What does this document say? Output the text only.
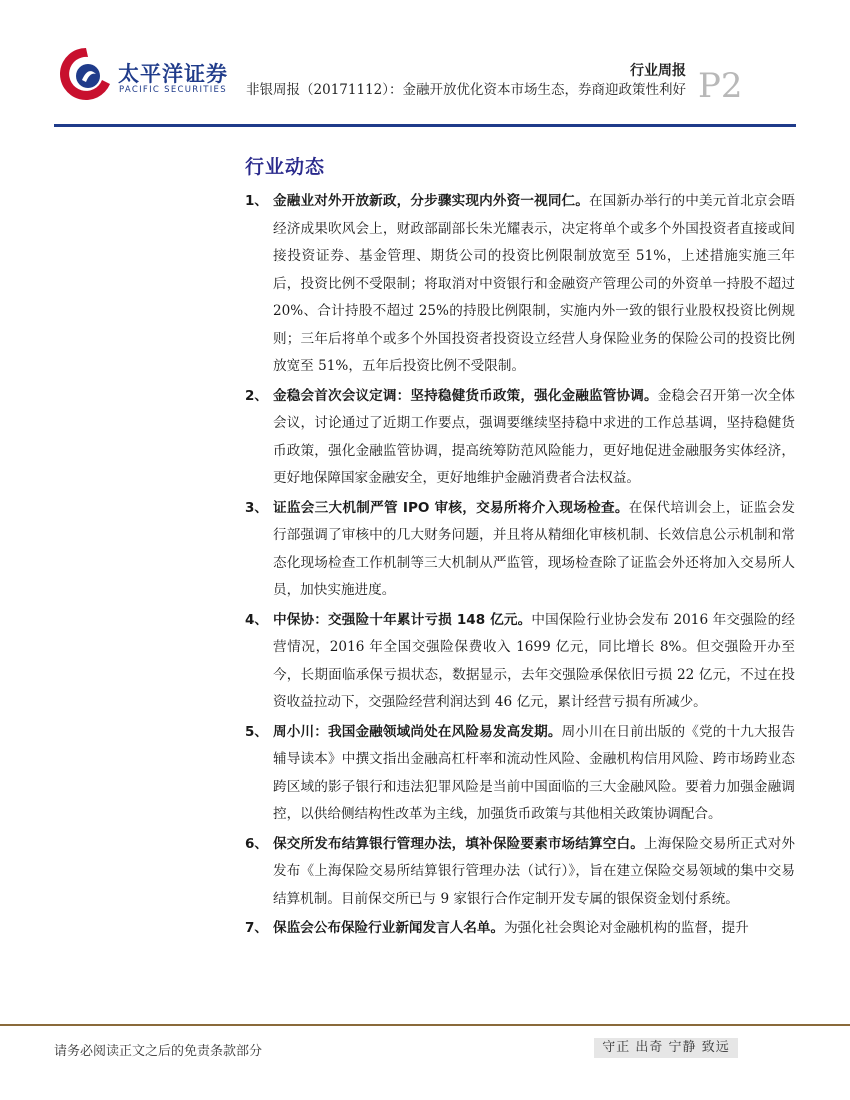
太平洋证券
PACIFIC SECURITIES
行业周报
非银周报（20171112）：金融开放优化资本市场生态，券商迎政策性利好 P2
行业动态
1、 金融业对外开放新政，分步骤实现内外资一视同仁。在国新办举行的中美元首北京会晤经济成果吹风会上，财政部副部长朱光耀表示，决定将单个或多个外国投资者直接或间接投资证券、基金管理、期货公司的投资比例限制放宽至 51%，上述措施实施三年后，投资比例不受限制；将取消对中资银行和金融资产管理公司的外资单一持股不超过 20%、合计持股不超过 25%的持股比例限制，实施内外一致的银行业股权投资比例规则；三年后将单个或多个外国投资者投资设立经营人身保险业务的保险公司的投资比例放宽至 51%，五年后投资比例不受限制。
2、 金稳会首次会议定调：坚持稳健货币政策，强化金融监管协调。金稳会召开第一次全体会议，讨论通过了近期工作要点，强调要继续坚持稳中求进的工作总基调，坚持稳健货币政策，强化金融监管协调，提高统筹防范风险能力，更好地促进金融服务实体经济，更好地保障国家金融安全，更好地维护金融消费者合法权益。
3、 证监会三大机制严管 IPO 审核，交易所将介入现场检查。在保代培训会上，证监会发行部强调了审核中的几大财务问题，并且将从精细化审核机制、长效信息公示机制和常态化现场检查工作机制等三大机制从严监管，现场检查除了证监会外还将加入交易所人员，加快实施进度。
4、 中保协：交强险十年累计亏损 148 亿元。中国保险行业协会发布 2016 年交强险的经营情况，2016 年全国交强险保费收入 1699 亿元，同比增长 8%。但交强险开办至今，长期面临承保亏损状态，数据显示，去年交强险承保依旧亏损 22 亿元，不过在投资收益拉动下，交强险经营利润达到 46 亿元，累计经营亏损有所减少。
5、 周小川：我国金融领域尚处在风险易发高发期。周小川在日前出版的《党的十九大报告辅导读本》中撰文指出金融高杠杆率和流动性风险、金融机构信用风险、跨市场跨业态跨区域的影子银行和违法犯罪风险是当前中国面临的三大金融风险。要着力加强金融调控，以供给侧结构性改革为主线，加强货币政策与其他相关政策协调配合。
6、 保交所发布结算银行管理办法，填补保险要素市场结算空白。上海保险交易所正式对外发布《上海保险交易所结算银行管理办法（试行）》，旨在建立保险交易领域的集中交易结算机制。目前保交所已与 9 家银行合作定制开发专属的银保资金划付系统。
7、 保监会公布保险行业新闻发言人名单。为强化社会舆论对金融机构的监督，提升
请务必阅读正文之后的免责条款部分	守正 出奇 宁静 致远
